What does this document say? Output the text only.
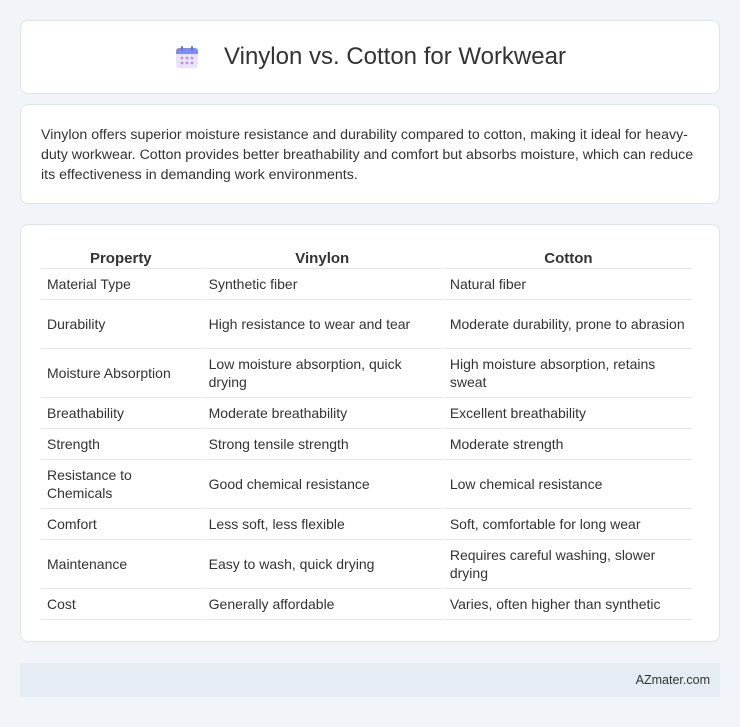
Vinylon vs. Cotton for Workwear

Vinylon offers superior moisture resistance and durability compared to cotton, making it ideal for heavy-duty workwear. Cotton provides better breathability and comfort but absorbs moisture, which can reduce its effectiveness in demanding work environments.

Property	Vinylon	Cotton
Material Type	Synthetic fiber	Natural fiber
Durability	High resistance to wear and tear	Moderate durability, prone to abrasion
Moisture Absorption	Low moisture absorption, quick drying	High moisture absorption, retains sweat
Breathability	Moderate breathability	Excellent breathability
Strength	Strong tensile strength	Moderate strength
Resistance to Chemicals	Good chemical resistance	Low chemical resistance
Comfort	Less soft, less flexible	Soft, comfortable for long wear
Maintenance	Easy to wash, quick drying	Requires careful washing, slower drying
Cost	Generally affordable	Varies, often higher than synthetic
AZmater.com
